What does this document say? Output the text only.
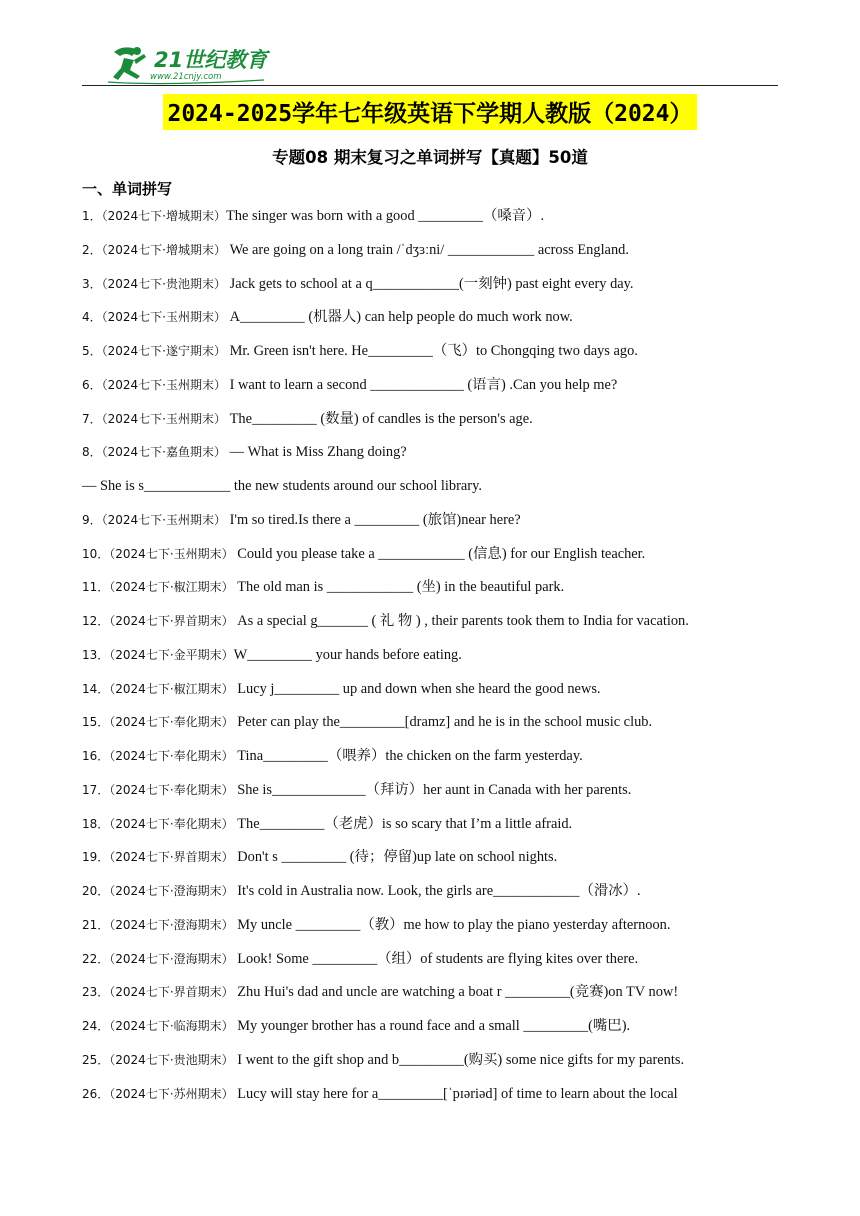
21世纪教育
www.21cnjy.com
2024-2025学年七年级英语下学期人教版（2024）
专题08 期末复习之单词拼写【真题】50道
一、单词拼写
1．（2024七下·增城期末）The singer was born with a good _________（嗓音）.
2．（2024七下·增城期末） We are going on a long train /ˈdʒɜːni/ ____________ across England.
3．（2024七下·贵池期末） Jack gets to school at a q____________(一刻钟) past eight every day.
4．（2024七下·玉州期末） A_________ (机器人) can help people do much work now.
5．（2024七下·遂宁期末） Mr. Green isn't here. He_________（飞）to Chongqing two days ago.
6．（2024七下·玉州期末） I want to learn a second _____________ (语言) .Can you help me?
7．（2024七下·玉州期末） The_________ (数量) of candles is the person's age.
8．（2024七下·嘉鱼期末） — What is Miss Zhang doing?
— She is s____________ the new students around our school library.
9．（2024七下·玉州期末） I'm so tired.Is there a _________ (旅馆)near here?
10．（2024七下·玉州期末） Could you please take a ____________ (信息) for our English teacher.
11．（2024七下·椒江期末） The old man is ____________ (坐) in the beautiful park.
12．（2024七下·界首期末） As a special g_______ ( 礼 物 ) , their parents took them to India for vacation.
13．（2024七下·金平期末）W_________ your hands before eating.
14．（2024七下·椒江期末） Lucy j_________ up and down when she heard the good news.
15．（2024七下·奉化期末） Peter can play the_________[dramz] and he is in the school music club.
16．（2024七下·奉化期末） Tina_________（喂养）the chicken on the farm yesterday.
17．（2024七下·奉化期末） She is_____________（拜访）her aunt in Canada with her parents.
18．（2024七下·奉化期末） The_________（老虎）is so scary that I’m a little afraid.
19．（2024七下·界首期末） Don't s _________ (待；停留)up late on school nights.
20．（2024七下·澄海期末） It's cold in Australia now. Look, the girls are____________（滑冰）.
21．（2024七下·澄海期末） My uncle _________（教）me how to play the piano yesterday afternoon.
22．（2024七下·澄海期末） Look! Some _________（组）of students are flying kites over there.
23．（2024七下·界首期末） Zhu Hui's dad and uncle are watching a boat r _________(竞赛)on TV now!
24．（2024七下·临海期末） My younger brother has a round face and a small _________(嘴巴).
25．（2024七下·贵池期末） I went to the gift shop and b_________(购买) some nice gifts for my parents.
26．（2024七下·苏州期末） Lucy will stay here for a_________[ˈpɪəriəd] of time to learn about the local
